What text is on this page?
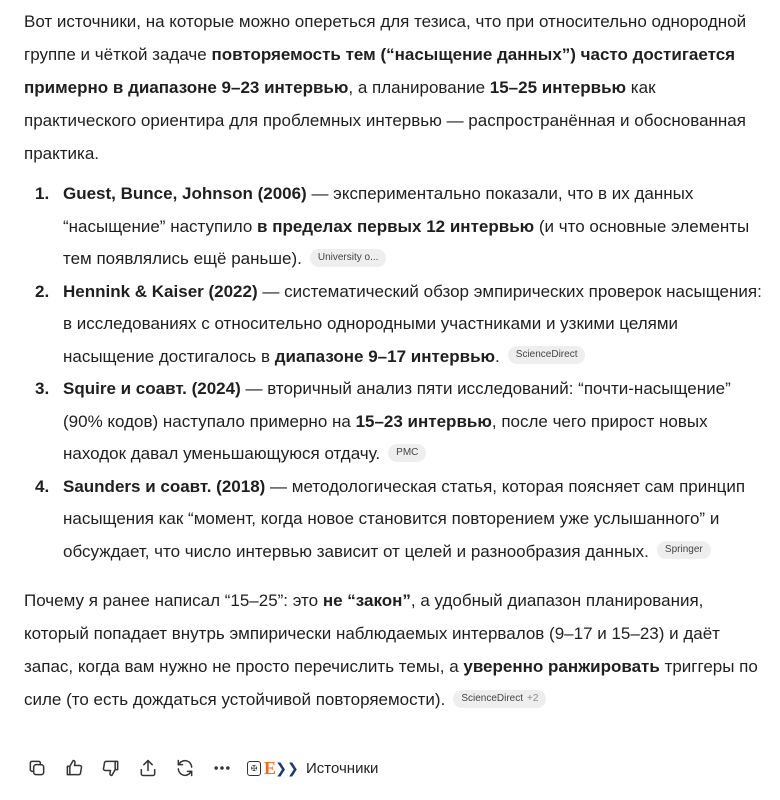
Вот источники, на которые можно опереться для тезиса, что при относительно однородной группе и чёткой задаче повторяемость тем (“насыщение данных”) часто достигается примерно в диапазоне 9–23 интервью, а планирование 15–25 интервью как практического ориентира для проблемных интервью — распространённая и обоснованная практика.

1. Guest, Bunce, Johnson (2006) — экспериментально показали, что в их данных “насыщение” наступило в пределах первых 12 интервью (и что основные элементы тем появлялись ещё раньше). University o...
2. Hennink & Kaiser (2022) — систематический обзор эмпирических проверок насыщения: в исследованиях с относительно однородными участниками и узкими целями насыщение достигалось в диапазоне 9–17 интервью. ScienceDirect
3. Squire и соавт. (2024) — вторичный анализ пяти исследований: “почти-насыщение” (90% кодов) наступало примерно на 15–23 интервью, после чего прирост новых находок давал уменьшающуюся отдачу. PMC
4. Saunders и соавт. (2018) — методологическая статья, которая поясняет сам принцип насыщения как “момент, когда новое становится повторением уже услышанного” и обсуждает, что число интервью зависит от целей и разнообразия данных. Springer

Почему я ранее написал “15–25”: это не “закон”, а удобный диапазон планирования, который попадает внутрь эмпирически наблюдаемых интервалов (9–17 и 15–23) и даёт запас, когда вам нужно не просто перечислить темы, а уверенно ранжировать триггеры по силе (то есть дождаться устойчивой повторяемости). ScienceDirect +2

✠ E ❯❯ Источники
